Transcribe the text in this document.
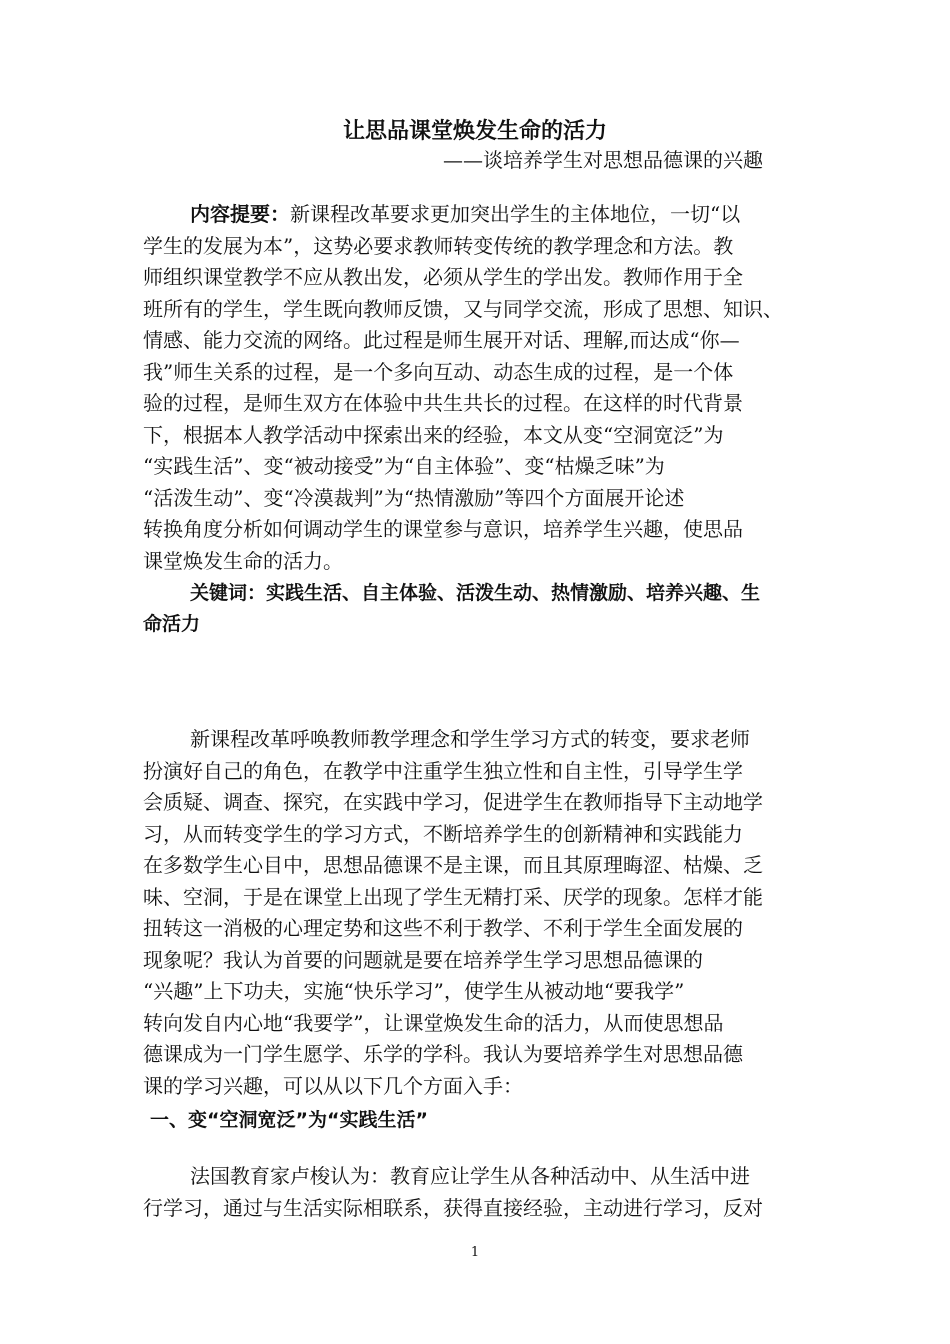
让思品课堂焕发生命的活力
——谈培养学生对思想品德课的兴趣
内容提要：新课程改革要求更加突出学生的主体地位，一切“以
学生的发展为本”，这势必要求教师转变传统的教学理念和方法。教
师组织课堂教学不应从教出发，必须从学生的学出发。教师作用于全
班所有的学生，学生既向教师反馈，又与同学交流，形成了思想、知识、
情感、能力交流的网络。此过程是师生展开对话、理解,而达成“你—
我”师生关系的过程，是一个多向互动、动态生成的过程，是一个体
验的过程，是师生双方在体验中共生共长的过程。在这样的时代背景
下，根据本人教学活动中探索出来的经验，本文从变“空洞宽泛”为
“实践生活”、变“被动接受”为“自主体验”、变“枯燥乏味”为
“活泼生动”、变“冷漠裁判”为“热情激励”等四个方面展开论述
转换角度分析如何调动学生的课堂参与意识，培养学生兴趣，使思品
课堂焕发生命的活力。
关键词：实践生活、自主体验、活泼生动、热情激励、培养兴趣、生
命活力
新课程改革呼唤教师教学理念和学生学习方式的转变，要求老师
扮演好自己的角色，在教学中注重学生独立性和自主性，引导学生学
会质疑、调查、探究，在实践中学习，促进学生在教师指导下主动地学
习，从而转变学生的学习方式，不断培养学生的创新精神和实践能力
在多数学生心目中，思想品德课不是主课，而且其原理晦涩、枯燥、乏
味、空洞，于是在课堂上出现了学生无精打采、厌学的现象。怎样才能
扭转这一消极的心理定势和这些不利于教学、不利于学生全面发展的
现象呢？我认为首要的问题就是要在培养学生学习思想品德课的
“兴趣”上下功夫，实施“快乐学习”，使学生从被动地“要我学”
转向发自内心地“我要学”，让课堂焕发生命的活力，从而使思想品
德课成为一门学生愿学、乐学的学科。我认为要培养学生对思想品德
课的学习兴趣，可以从以下几个方面入手：
一、变“空洞宽泛”为“实践生活”
法国教育家卢梭认为：教育应让学生从各种活动中、从生活中进
行学习，通过与生活实际相联系，获得直接经验，主动进行学习，反对
1
